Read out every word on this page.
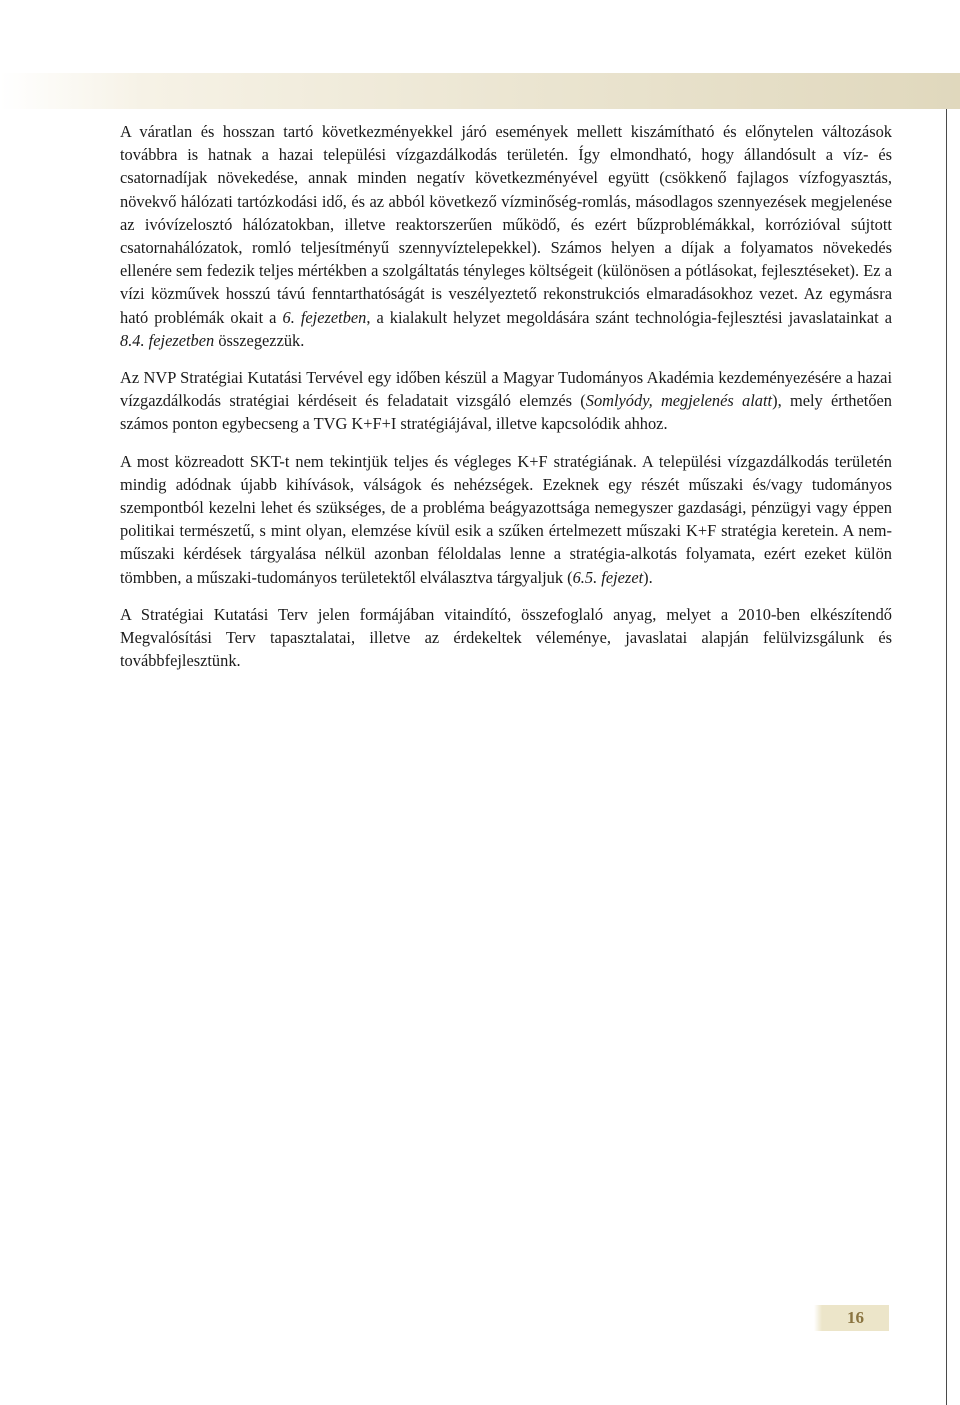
A váratlan és hosszan tartó következményekkel járó események mellett kiszámítható és előnytelen változások továbbra is hatnak a hazai települési vízgazdálkodás területén. Így elmondható, hogy állandósult a víz- és csatornadíjak növekedése, annak minden negatív következményével együtt (csökkenő fajlagos vízfogyasztás, növekvő hálózati tartózkodási idő, és az abból következő vízminőség-romlás, másodlagos szennyezések megjelenése az ivóvízelosztó hálózatokban, illetve reaktorszerűen működő, és ezért bűzproblémákkal, korrózióval sújtott csatornahálózatok, romló teljesítményű szennyvíztelepekkel). Számos helyen a díjak a folyamatos növekedés ellenére sem fedezik teljes mértékben a szolgáltatás tényleges költségeit (különösen a pótlásokat, fejlesztéseket). Ez a vízi közművek hosszú távú fenntarthatóságát is veszélyeztető rekonstrukciós elmaradásokhoz vezet. Az egymásra ható problémák okait a 6. fejezetben, a kialakult helyzet megoldására szánt technológia-fejlesztési javaslatainkat a 8.4. fejezetben összegezzük.

Az NVP Stratégiai Kutatási Tervével egy időben készül a Magyar Tudományos Akadémia kezdeményezésére a hazai vízgazdálkodás stratégiai kérdéseit és feladatait vizsgáló elemzés (Somlyódy, megjelenés alatt), mely érthetően számos ponton egybecseng a TVG K+F+I stratégiájával, illetve kapcsolódik ahhoz.

A most közreadott SKT-t nem tekintjük teljes és végleges K+F stratégiának. A települési vízgazdálkodás területén mindig adódnak újabb kihívások, válságok és nehézségek. Ezeknek egy részét műszaki és/vagy tudományos szempontból kezelni lehet és szükséges, de a probléma beágyazottsága nemegyszer gazdasági, pénzügyi vagy éppen politikai természetű, s mint olyan, elemzése kívül esik a szűken értelmezett műszaki K+F stratégia keretein. A nem-műszaki kérdések tárgyalása nélkül azonban féloldalas lenne a stratégia-alkotás folyamata, ezért ezeket külön tömbben, a műszaki-tudományos területektől elválasztva tárgyaljuk (6.5. fejezet).

A Stratégiai Kutatási Terv jelen formájában vitaindító, összefoglaló anyag, melyet a 2010-ben elkészítendő Megvalósítási Terv tapasztalatai, illetve az érdekeltek véleménye, javaslatai alapján felülvizsgálunk és továbbfejlesztünk.

16
